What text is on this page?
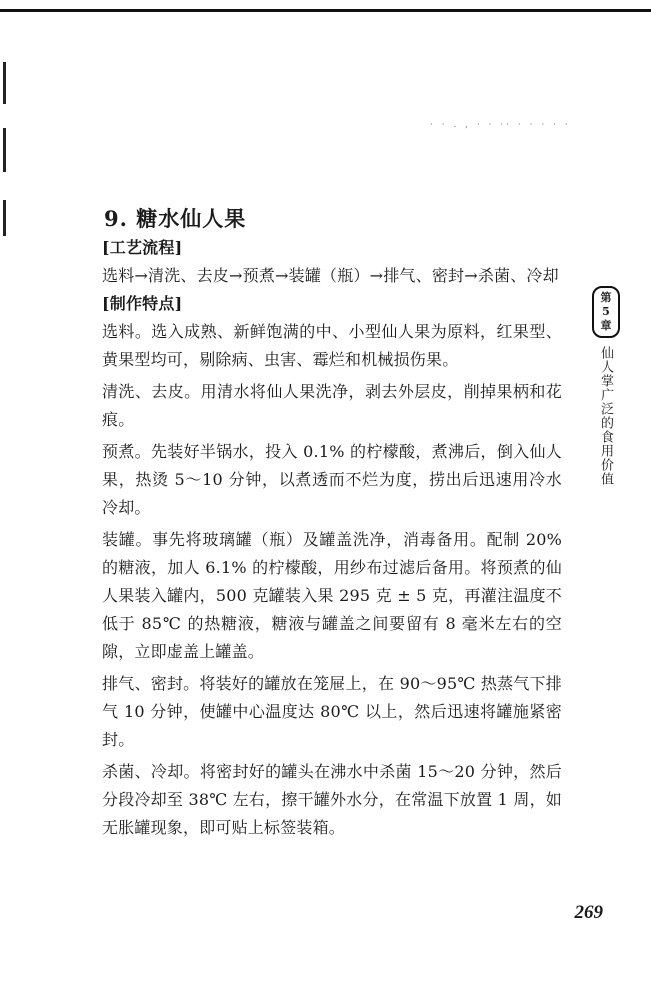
· · . , · · ·· · · · · ·
9. 糖水仙人果

[工艺流程]

选料→清洗、去皮→预煮→装罐（瓶）→排气、密封→杀菌、冷却

[制作特点]

选料。选入成熟、新鲜饱满的中、小型仙人果为原料，红果型、黄果型均可，剔除病、虫害、霉烂和机械损伤果。

清洗、去皮。用清水将仙人果洗净，剥去外层皮，削掉果柄和花痕。

预煮。先装好半锅水，投入 0.1% 的柠檬酸，煮沸后，倒入仙人果，热烫 5～10 分钟，以煮透而不烂为度，捞出后迅速用冷水冷却。

装罐。事先将玻璃罐（瓶）及罐盖洗净，消毒备用。配制 20% 的糖液，加人 6.1% 的柠檬酸，用纱布过滤后备用。将预煮的仙人果装入罐内，500 克罐装入果 295 克 ± 5 克，再灌注温度不低于 85℃ 的热糖液，糖液与罐盖之间要留有 8 毫米左右的空隙，立即虚盖上罐盖。

排气、密封。将装好的罐放在笼屉上，在 90～95℃ 热蒸气下排气 10 分钟，使罐中心温度达 80℃ 以上，然后迅速将罐施紧密封。

杀菌、冷却。将密封好的罐头在沸水中杀菌 15～20 分钟，然后分段冷却至 38℃ 左右，擦干罐外水分，在常温下放置 1 周，如无胀罐现象，即可贴上标签装箱。

第
5
章
仙人掌广泛的食用价值
269
